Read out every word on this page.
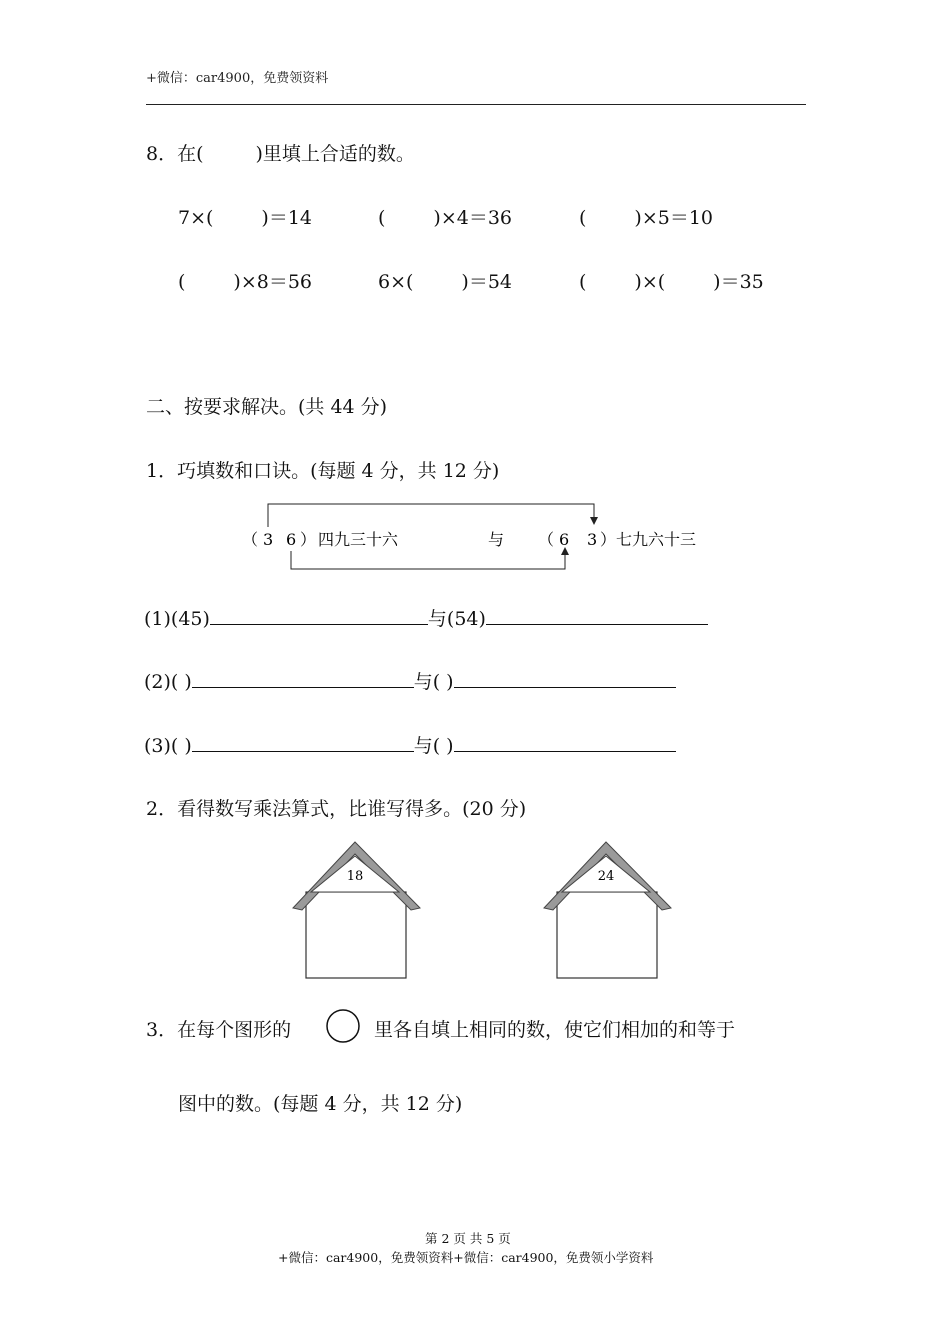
+微信：car4900，免费领资料
8．在(	)里填上合适的数。
7×(	)＝14	(	)×4＝36	(	)×5＝10
(	)×8＝56	6×(	)＝54	(	)×(	)＝35
二、按要求解决。(共 44 分)
1．巧填数和口诀。(每题 4 分，共 12 分)
（ 3 6 ） 四九三十六	与 （ 6 3 ） 七九六十三
(1)(45)	与(54)
(2)( )	与( )
(3)( )	与( )
2．看得数写乘法算式，比谁写得多。(20 分)
18	24
3．在每个图形的	里各自填上相同的数，使它们相加的和等于
图中的数。(每题 4 分，共 12 分)
第 2 页 共 5 页
+微信：car4900，免费领资料+微信：car4900，免费领小学资料
